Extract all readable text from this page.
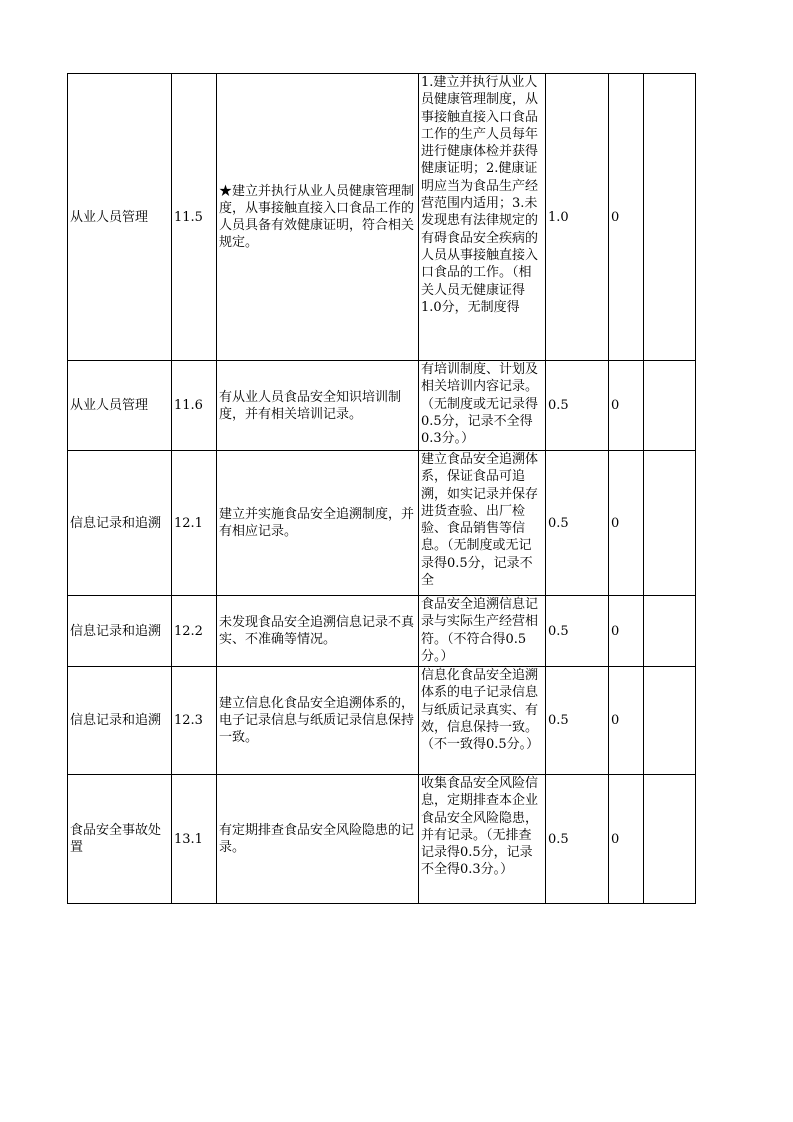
从业人员管理	11.5	★建立并执行从业人员健康管理制度，从事接触直接入口食品工作的人员具备有效健康证明，符合相关规定。	1.建立并执行从业人员健康管理制度，从事接触直接入口食品工作的生产人员每年进行健康体检并获得健康证明；2.健康证明应当为食品生产经营范围内适用；3.未发现患有法律规定的有碍食品安全疾病的人员从事接触直接入口食品的工作。（相关人员无健康证得1.0分，无制度得	1.0	0	
从业人员管理	11.6	有从业人员食品安全知识培训制度，并有相关培训记录。	有培训制度、计划及相关培训内容记录。（无制度或无记录得0.5分，记录不全得0.3分。）	0.5	0	
信息记录和追溯	12.1	建立并实施食品安全追溯制度，并有相应记录。	建立食品安全追溯体系，保证食品可追溯，如实记录并保存进货查验、出厂检验、食品销售等信息。（无制度或无记录得0.5分，记录不全	0.5	0	
信息记录和追溯	12.2	未发现食品安全追溯信息记录不真实、不准确等情况。	食品安全追溯信息记录与实际生产经营相符。（不符合得0.5分。）	0.5	0	
信息记录和追溯	12.3	建立信息化食品安全追溯体系的，电子记录信息与纸质记录信息保持一致。	信息化食品安全追溯体系的电子记录信息与纸质记录真实、有效，信息保持一致。（不一致得0.5分。）	0.5	0	
食品安全事故处置	13.1	有定期排查食品安全风险隐患的记录。	收集食品安全风险信息，定期排查本企业食品安全风险隐患，并有记录。（无排查记录得0.5分，记录不全得0.3分。）	0.5	0	
